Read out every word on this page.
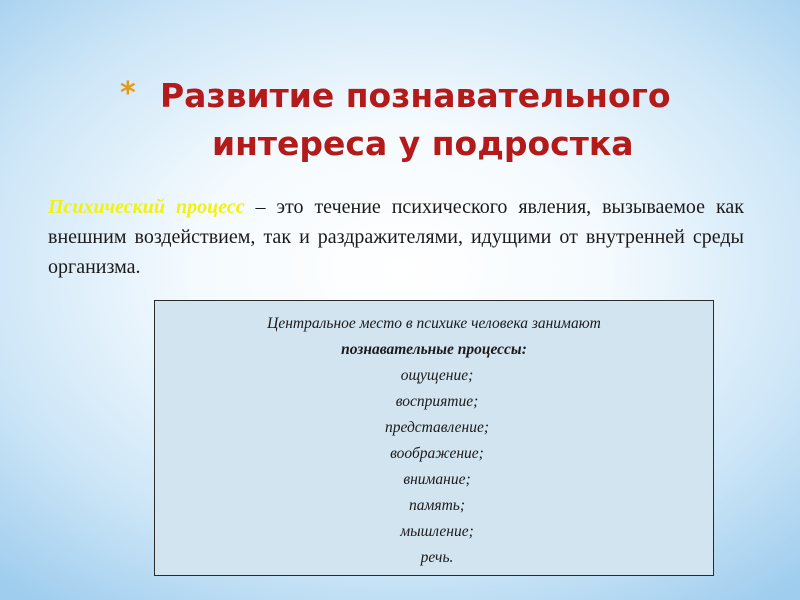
* Развитие познавательного
интереса у подростка

Психический процесс – это течение психического явления, вызываемое как внешним воздействием, так и раздражителями, идущими от внутренней среды организма.

Центральное место в психике человека занимают
познавательные процессы:
ощущение;
восприятие;
представление;
воображение;
внимание;
память;
мышление;
речь.
